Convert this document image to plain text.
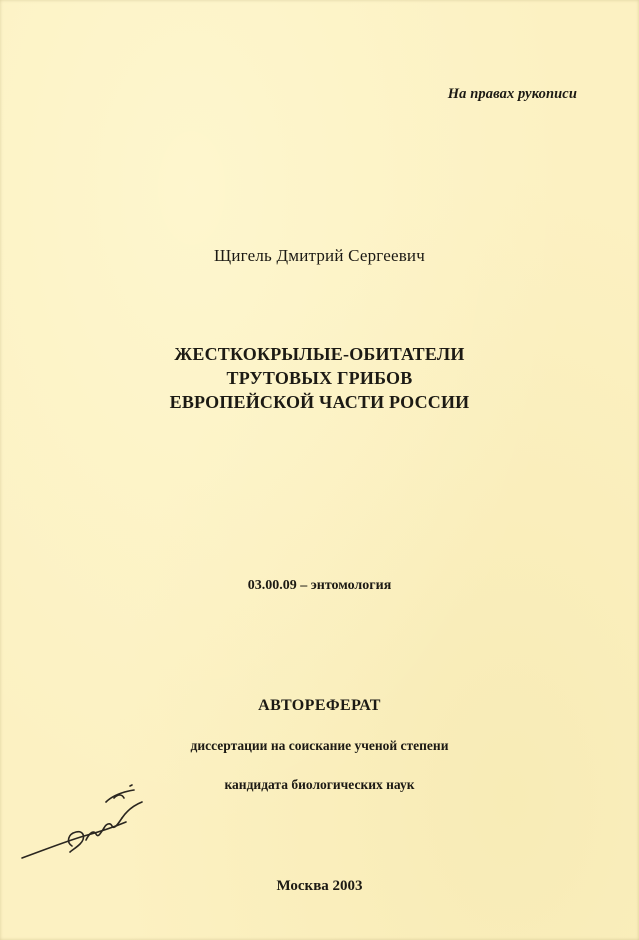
На правах рукописи
Щигель Дмитрий Сергеевич
ЖЕСТКОКРЫЛЫЕ-ОБИТАТЕЛИ
ТРУТОВЫХ ГРИБОВ
ЕВРОПЕЙСКОЙ ЧАСТИ РОССИИ
03.00.09 – энтомология
АВТОРЕФЕРАТ
диссертации на соискание ученой степени
кандидата биологических наук
Москва 2003
